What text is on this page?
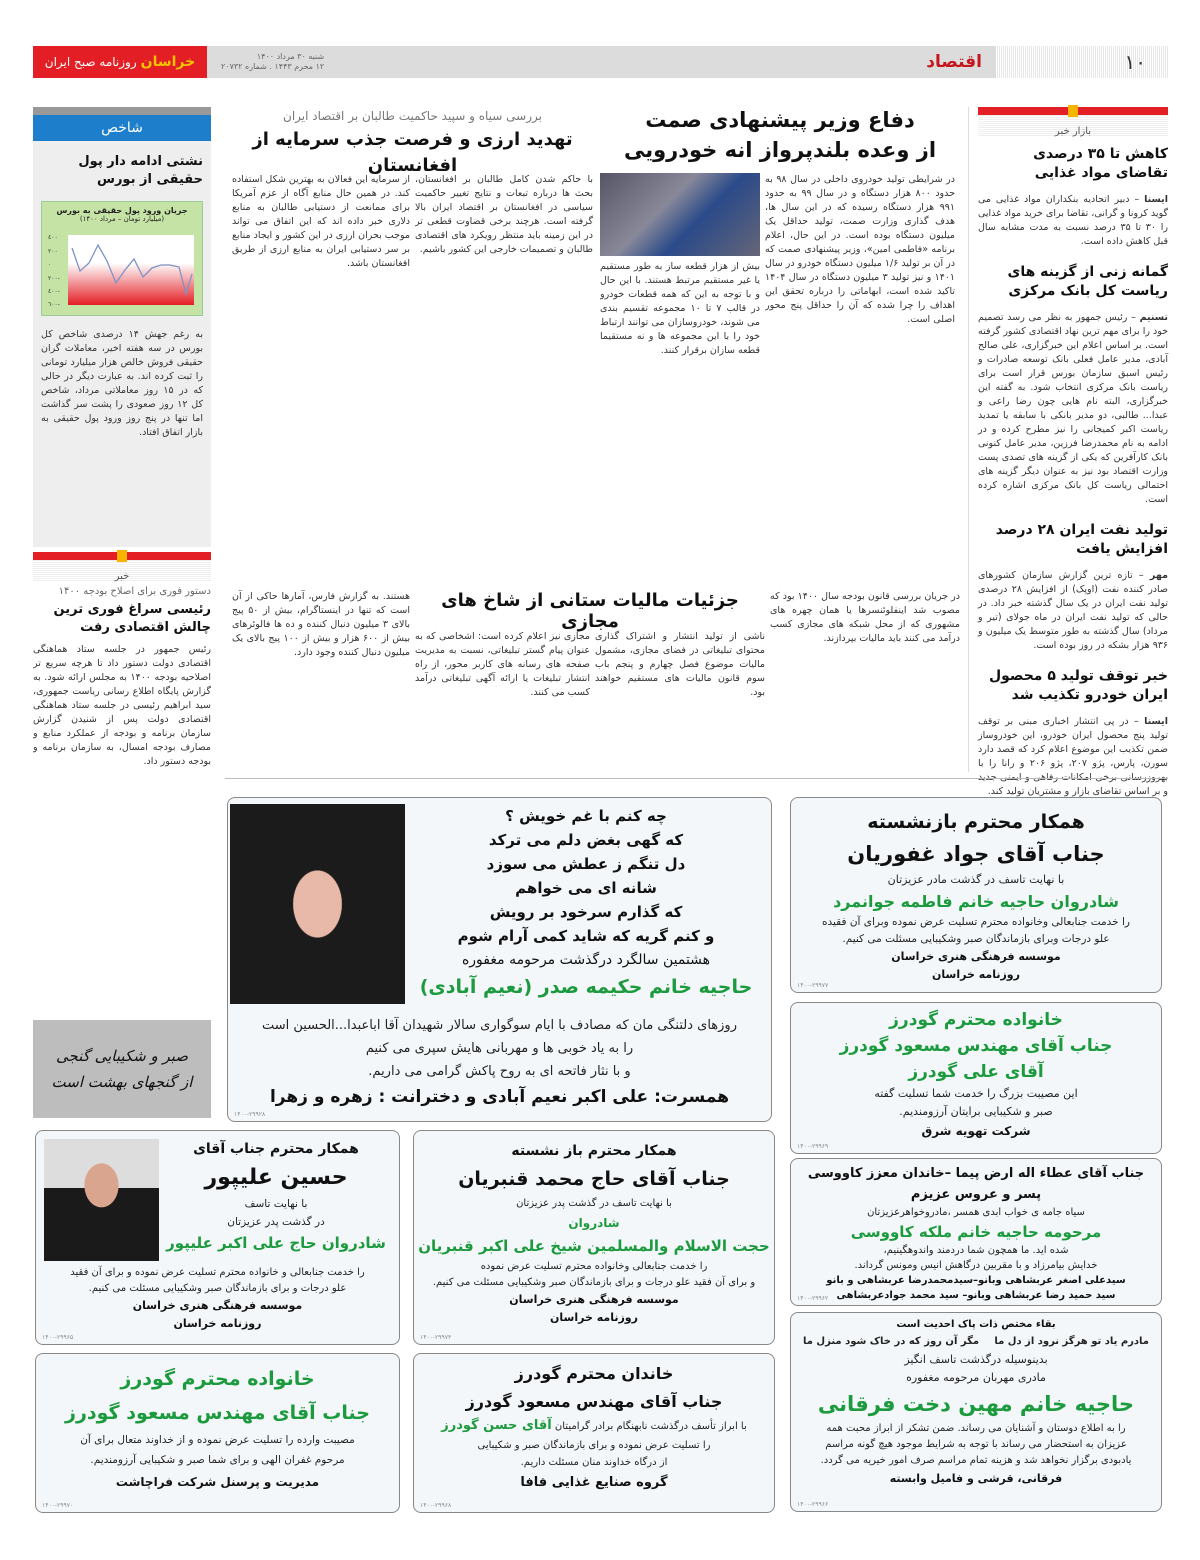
روزنامه صبح ایران خراسان	شنبه ۳۰ مرداد ۱۴۰۰
۱۲ محرم ۱۴۴۳ . شماره ۲۰۷۳۲	اقتصاد	۱۰
بازار خبر
کاهش تا ۳۵ درصدی تقاضای مواد غذایی
ایسنا – دبیر اتحادیه بنکداران مواد غذایی می گوید کرونا و گرانی، تقاضا برای خرید مواد غذایی را ۳۰ تا ۳۵ درصد نسبت به مدت مشابه سال قبل کاهش داده است.
گمانه زنی از گزینه های ریاست کل بانک مرکزی
تسنیم – رئیس جمهور به نظر می رسد تصمیم خود را برای مهم ترین نهاد اقتصادی کشور گرفته است. بر اساس اعلام این خبرگزاری، علی صالح آبادی، مدیر عامل فعلی بانک توسعه صادرات و رئیس اسبق سازمان بورس قرار است برای ریاست بانک مرکزی انتخاب شود. به گفته این خبرگزاری، البته نام هایی چون رضا راعی و عبدا... طالبی، دو مدیر بانکی با سابقه یا تمدید ریاست اکبر کمیجانی را نیز مطرح کرده و در ادامه به نام محمدرضا فرزین، مدیر عامل کنونی بانک کارآفرین که یکی از گزینه های تصدی پست وزارت اقتصاد بود نیز به عنوان دیگر گزینه های احتمالی ریاست کل بانک مرکزی اشاره کرده است.
تولید نفت ایران ۲۸ درصد افزایش یافت
مهر – تازه ترین گزارش سازمان کشورهای صادر کننده نفت (اوپک) از افزایش ۲۸ درصدی تولید نفت ایران در یک سال گذشته خبر داد. در حالی که تولید نفت ایران در ماه جولای (تیر و مرداد) سال گذشته به طور متوسط یک میلیون و ۹۳۶ هزار بشکه در روز بوده است.
خبر توقف تولید ۵ محصول ایران خودرو تکذیب شد
ایسنا – در پی انتشار اخباری مبنی بر توقف تولید پنج محصول ایران خودرو، این خودروساز ضمن تکذیب این موضوع اعلام کرد که قصد دارد سورن، پارس، پژو ۲۰۷، پژو ۲۰۶ و رانا را با بهروزرسانی برخی امکانات رفاهی و ایمنی جدید و بر اساس تقاضای بازار و مشتریان تولید کند.
دفاع وزیر پیشنهادی صمت
از وعده بلندپرواز انه خودرویی
در شرایطی تولید خودروی داخلی در سال ۹۸ به حدود ۸۰۰ هزار دستگاه و در سال ۹۹ به حدود ۹۹۱ هزار دستگاه رسیده که در این سال ها، هدف گذاری وزارت صمت، تولید حداقل یک میلیون دستگاه بوده است. در این حال، اعلام برنامه «فاطمی امین»، وزیر پیشنهادی صمت که در آن بر تولید ۱/۶ میلیون دستگاه خودرو در سال ۱۴۰۱ و نیز تولید ۳ میلیون دستگاه در سال ۱۴۰۴ تاکید شده است، ابهاماتی را درباره تحقق این اهداف را چرا شده که آن را حداقل پنج محور اصلی است.
بیش از هزار قطعه ساز به طور مستقیم یا غیر مستقیم مرتبط هستند. با این حال و با توجه به این که همه قطعات خودرو در قالب ۷ تا ۱۰ مجموعه تقسیم بندی می شوند، خودروسازان می توانند ارتباط خود را با این مجموعه ها و نه مستقیما قطعه سازان برقرار کنند.
بررسی سیاه و سپید حاکمیت طالبان بر اقتصاد ایران
تهدید ارزی و فرصت جذب سرمایه از افغانستان
با حاکم شدن کامل طالبان بر افغانستان، بحث ها درباره تبعات و نتایج تغییر حاکمیت سیاسی در افغانستان بر اقتصاد ایران بالا گرفته است. هرچند برخی قضاوت قطعی تر در این زمینه باید منتظر رویکرد های اقتصادی طالبان و تصمیمات خارجی این کشور باشیم.
از سرمایه این فعالان به بهترین شکل استفاده کند. در همین حال منابع آگاه از عزم آمریکا برای ممانعت از دستیابی طالبان به منابع دلاری خبر داده اند که این اتفاق می تواند موجب بحران ارزی در این کشور و ایجاد منابع بر سر دستیابی ایران به منابع ارزی از طریق افغانستان باشد.
شاخص
نشتی ادامه دار پول حقیقی از بورس
جریان ورود پول حقیقی به بورس
(میلیارد تومان – مرداد ۱۴۰۰)
٤٠٠
٢٠٠
٠
٢٠٠-
٤٠٠-
٦٠٠-
به رغم جهش ۱۴ درصدی شاخص کل بورس در سه هفته اخیر، معاملات گران حقیقی فروش خالص هزار میلیارد تومانی را ثبت کرده اند. به عبارت دیگر در حالی که در ۱۵ روز معاملاتی مرداد، شاخص کل ۱۲ روز صعودی را پشت سر گذاشت اما تنها در پنج روز ورود پول حقیقی به بازار اتفاق افتاد.
خبر
دستور فوری برای اصلاح بودجه ۱۴۰۰
رئیسی سراغ فوری ترین چالش اقتصادی رفت
رئیس جمهور در جلسه ستاد هماهنگی اقتصادی دولت دستور داد تا هرچه سریع تر اصلاحیه بودجه ۱۴۰۰ به مجلس ارائه شود. به گزارش پایگاه اطلاع رسانی ریاست جمهوری، سید ابراهیم رئیسی در جلسه ستاد هماهنگی اقتصادی دولت پس از شنیدن گزارش سازمان برنامه و بودجه از عملکرد منابع و مصارف بودجه امسال، به سازمان برنامه و بودجه دستور داد.
صبر و شکیبایی گنجی
از گنجهای بهشت است
جزئیات مالیات ستانی از شاخ های مجازی
در جریان بررسی قانون بودجه سال ۱۴۰۰ بود که مصوب شد اینفلوئنسرها یا همان چهره های مشهوری که از محل شبکه های مجازی کسب درآمد می کنند باید مالیات بپردازند.
ناشی از تولید انتشار و اشتراک گذاری محتوای تبلیغاتی در فضای مجازی، مشمول مالیات موضوع فصل چهارم و پنجم باب سوم قانون مالیات های مستقیم خواهند بود.
مجازی نیز اعلام کرده است: اشخاصی که به عنوان پیام گستر تبلیغاتی، نسبت به مدیریت صفحه های رسانه های کاربر محور، از راه انتشار تبلیغات یا ارائه آگهی تبلیغاتی درآمد کسب می کنند.
هستند. به گزارش فارس، آمارها حاکی از آن است که تنها در اینستاگرام، بیش از ۵۰ پیج بالای ۳ میلیون دنبال کننده و ده ها فالوئرهای بیش از ۶۰۰ هزار و بیش از ۱۰۰ پیج بالای یک میلیون دنبال کننده وجود دارد.
چه کنم با غم خویش ؟
که گهی بغض دلم می ترکد
دل تنگم ز عطش می سوزد
شانه ای می خواهم
که گذارم سرخود بر رویش
و کنم گریه که شاید کمی آرام شوم
هشتمین سالگرد درگذشت مرحومه مغفوره
حاجیه خانم حکیمه صدر (نعیم آبادی)
روزهای دلتنگی مان که مصادف با ایام سوگواری سالار شهیدان آقا اباعبدا...الحسین است
را به یاد خوبی ها و مهربانی هایش سپری می کنیم
و با نثار فاتحه ای به روح پاکش گرامی می داریم.
همسرت: علی اکبر نعیم آبادی و دخترانت : زهره و زهرا
۱۴۰۰-۲۹۹۲۸
همکار محترم بازنشسته
جناب آقای جواد غفوریان
با نهایت تاسف در گذشت مادر عزیزتان
شادروان حاجیه خانم فاطمه جوانمرد
را خدمت جنابعالی وخانواده محترم تسلیت عرض نموده وبرای آن فقیده
علو درجات وبرای بازماندگان صبر وشکیبایی مسئلت می کنیم.
موسسه فرهنگی هنری خراسان
روزنامه خراسان
۱۴۰۰-۲۹۹۷۷
خانواده محترم گودرز
جناب آقای مهندس مسعود گودرز
آقای علی گودرز
این مصیبت بزرگ را خدمت شما تسلیت گفته
صبر و شکیبایی برایتان آرزومندیم.
شرکت تهویه شرق
۱۴۰۰-۲۹۹۶۹
جناب آقای عطاء اله ارض پیما –خاندان معزز کاووسی
پسر و عروس عزیزم
سیاه جامه ی خواب ابدی همسر ،مادروخواهرعزیزتان
مرحومه حاجیه خانم ملکه کاووسی
شده اید. ما همچون شما دردمند واندوهگینیم،
خدایش بیامرزاد و با مقربین درگاهش انیس ومونس گرداند.
سیدعلی اصغر عربشاهی وبانو–سیدمحمدرضا عربشاهی و بانو
سید حمید رضا عربشاهی وبانو– سید محمد جوادعربشاهی
۱۴۰۰-۲۹۹۶۲
بقاء مختص ذات پاک احدیت است
مادرم یاد تو هرگز نرود از دل ما
مگر آن روز که در خاک شود منزل ما
بدینوسیله درگذشت تاسف انگیز
مادری مهربان مرحومه مغفوره
حاجیه خانم مهین دخت فرقانی
را به اطلاع دوستان و آشنایان می رساند. ضمن تشکر از ابراز محبت همه
عزیزان به استحضار می رساند با توجه به شرایط موجود هیچ گونه مراسم
یادبودی برگزار نخواهد شد و هزینه تمام مراسم صرف امور خیریه می گردد.
فرقانی، قرشی و فامیل وابسته
۱۴۰۰-۲۹۹۶۶
همکار محترم جناب آقای
حسین علیپور
با نهایت تاسف
در گذشت پدر عزیزتان
شادروان حاج علی اکبر علیپور
را خدمت جنابعالی و خانواده محترم تسلیت عرض نموده و برای آن فقید
علو درجات و برای بازماندگان صبر وشکیبایی مسئلت می کنیم.
موسسه فرهنگی هنری خراسان
روزنامه خراسان
۱۴۰۰-۲۹۹۶۵
همکار محترم باز نشسته
جناب آقای حاج محمد قنبریان
با نهایت تاسف در گذشت پدر عزیزتان
شادروان
حجت الاسلام والمسلمین شیخ علی اکبر قنبریان
را خدمت جنابعالی وخانواده محترم تسلیت عرض نموده
و برای آن فقید علو درجات و برای بازماندگان صبر وشکیبایی مسئلت می کنیم.
موسسه فرهنگی هنری خراسان
روزنامه خراسان
۱۴۰۰-۲۹۹۷۳
خانواده محترم گودرز
جناب آقای مهندس مسعود گودرز
مصیبت وارده را تسلیت عرض نموده و از خداوند متعال برای آن
مرحوم غفران الهی و برای شما صبر و شکیبایی آرزومندیم.
مدیریت و پرسنل شرکت فراچاشت
۱۴۰۰-۲۹۹۷۰
خاندان محترم گودرز
جناب آقای مهندس مسعود گودرز
با ابراز تأسف درگذشت نابهنگام برادر گرامیتان آقای حسن گودرز
را تسلیت عرض نموده و برای بازماندگان صبر و شکیبایی
از درگاه خداوند منان مسئلت داریم.
گروه صنایع غذایی فافا
۱۴۰۰-۲۹۹۶۸
